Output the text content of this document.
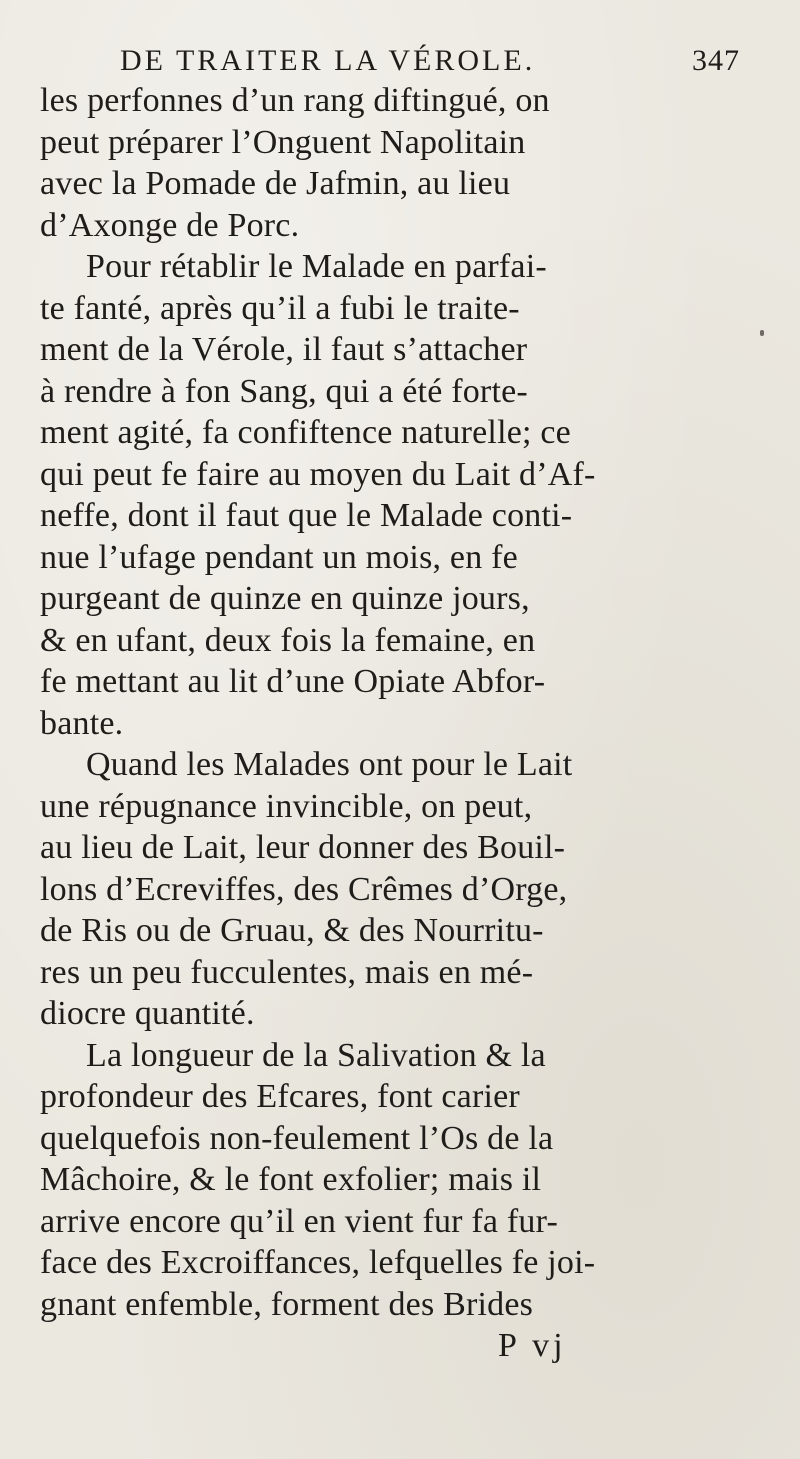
DE TRAITER LA VÉROLE.	347
les perfonnes d’un rang diftingué, on
peut préparer l’Onguent Napolitain
avec la Pomade de Jafmin, au lieu
d’Axonge de Porc.
Pour rétablir le Malade en parfai-
te fanté, après qu’il a fubi le traite-
ment de la Vérole, il faut s’attacher
à rendre à fon Sang, qui a été forte-
ment agité, fa confiftence naturelle; ce
qui peut fe faire au moyen du Lait d’Af-
neffe, dont il faut que le Malade conti-
nue l’ufage pendant un mois, en fe
purgeant de quinze en quinze jours,
& en ufant, deux fois la femaine, en
fe mettant au lit d’une Opiate Abfor-
bante.
Quand les Malades ont pour le Lait
une répugnance invincible, on peut,
au lieu de Lait, leur donner des Bouil-
lons d’Ecreviffes, des Crêmes d’Orge,
de Ris ou de Gruau, & des Nourritu-
res un peu fucculentes, mais en mé-
diocre quantité.
La longueur de la Salivation & la
profondeur des Efcares, font carier
quelquefois non-feulement l’Os de la
Mâchoire, & le font exfolier; mais il
arrive encore qu’il en vient fur fa fur-
face des Excroiffances, lefquelles fe joi-
gnant enfemble, forment des Brides
P vj
